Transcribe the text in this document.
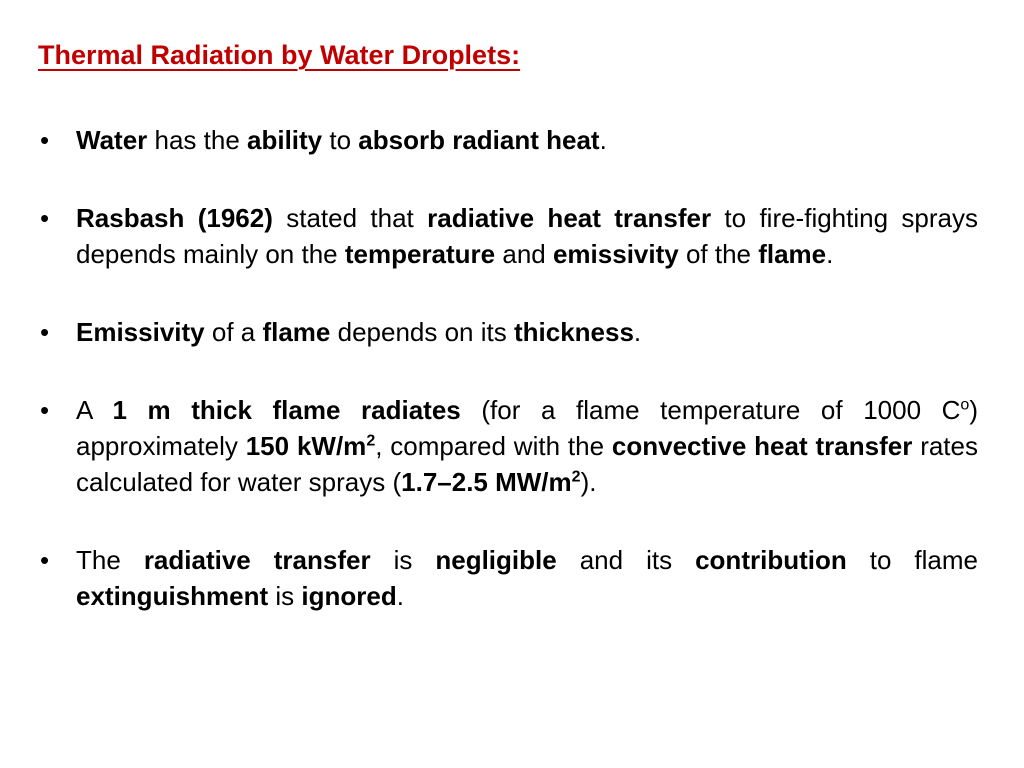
Thermal Radiation by Water Droplets:
•	Water has the ability to absorb radiant heat.
•	Rasbash (1962) stated that radiative heat transfer to fire-fighting sprays depends mainly on the temperature and emissivity of the flame.
•	Emissivity of a flame depends on its thickness.
•	A 1 m thick flame radiates (for a flame temperature of 1000 $C^o$) approximately 150 $kW/m^2$, compared with the convective heat transfer rates calculated for water sprays (1.7–2.5 $MW/m^2$).
•	The radiative transfer is negligible and its contribution to flame extinguishment is ignored.
